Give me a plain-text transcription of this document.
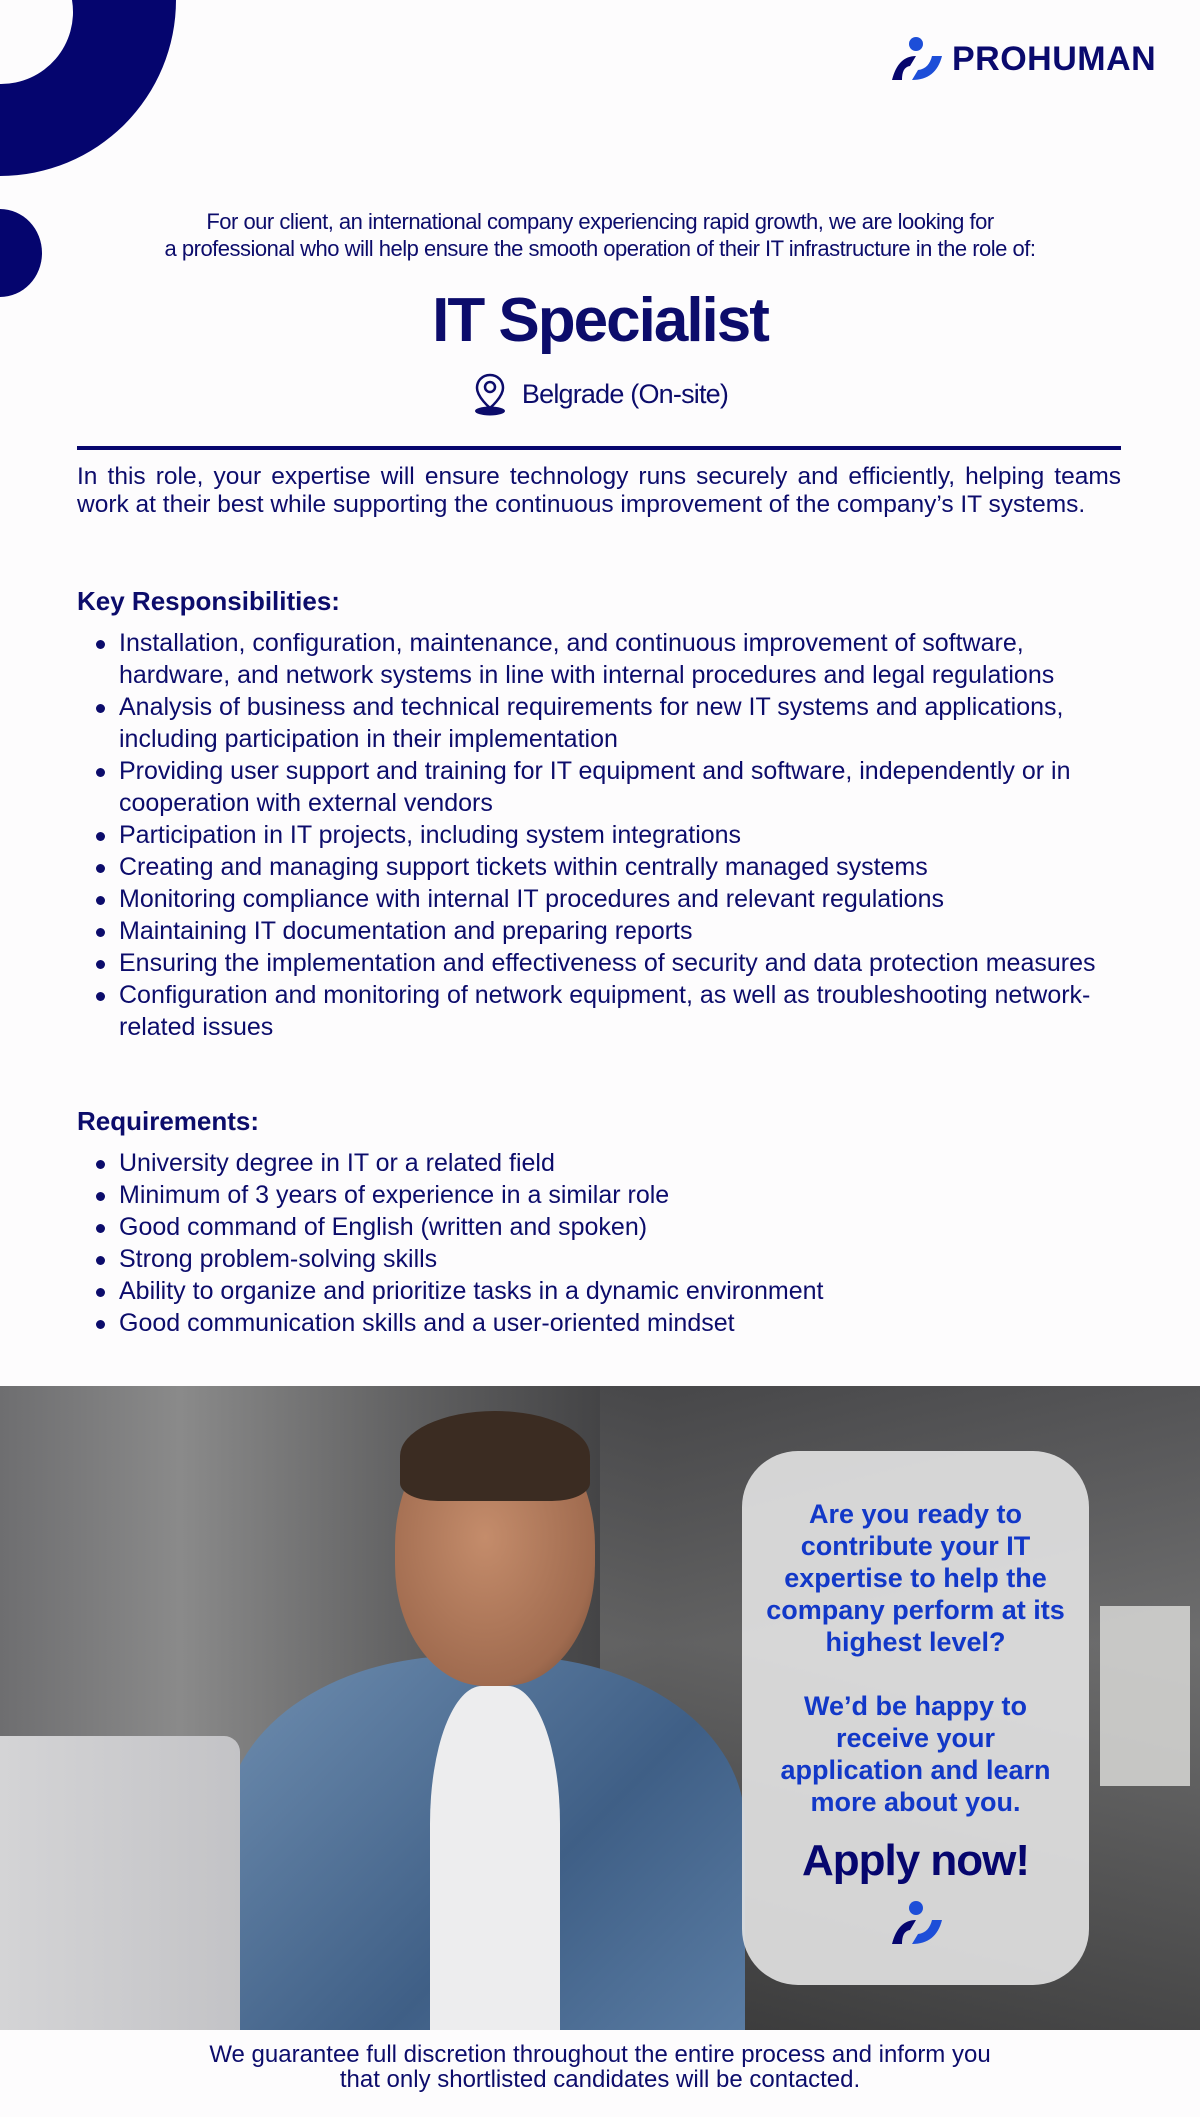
PROHUMAN
For our client, an international company experiencing rapid growth, we are looking for
a professional who will help ensure the smooth operation of their IT infrastructure in the role of:
IT Specialist
Belgrade (On-site)
In this role, your expertise will ensure technology runs securely and efficiently, helping teams work at their best while supporting the continuous improvement of the company’s IT systems.
Key Responsibilities:
Installation, configuration, maintenance, and continuous improvement of software, hardware, and network systems in line with internal procedures and legal regulations
Analysis of business and technical requirements for new IT systems and applications, including participation in their implementation
Providing user support and training for IT equipment and software, independently or in cooperation with external vendors
Participation in IT projects, including system integrations
Creating and managing support tickets within centrally managed systems
Monitoring compliance with internal IT procedures and relevant regulations
Maintaining IT documentation and preparing reports
Ensuring the implementation and effectiveness of security and data protection measures
Configuration and monitoring of network equipment, as well as troubleshooting network-related issues
Requirements:
University degree in IT or a related field
Minimum of 3 years of experience in a similar role
Good command of English (written and spoken)
Strong problem-solving skills
Ability to organize and prioritize tasks in a dynamic environment
Good communication skills and a user-oriented mindset
Are you ready to contribute your IT expertise to help the company perform at its highest level?
We’d be happy to receive your application and learn more about you.
Apply now!
We guarantee full discretion throughout the entire process and inform you
that only shortlisted candidates will be contacted.
